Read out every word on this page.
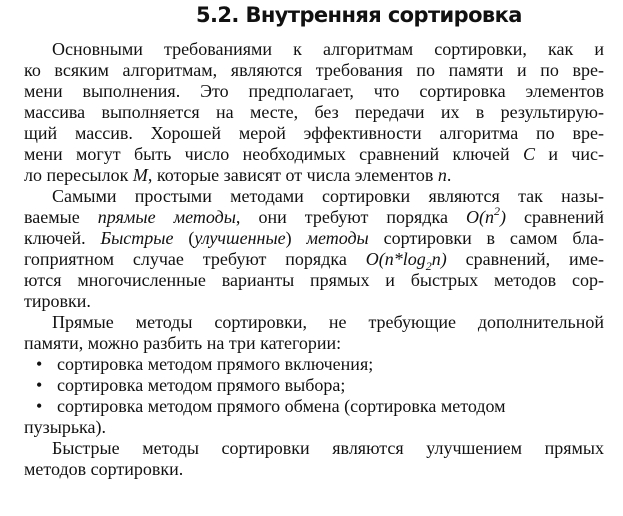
5.2. Внутренняя сортировка
Основными требованиями к алгоритмам сортировки, как и
ко всяким алгоритмам, являются требования по памяти и по вре-
мени выполнения. Это предполагает, что сортировка элементов
массива выполняется на месте, без передачи их в результирую-
щий массив. Хорошей мерой эффективности алгоритма по вре-
мени могут быть число необходимых сравнений ключей C и чис-
ло пересылок M, которые зависят от числа элементов n.
Самыми простыми методами сортировки являются так назы-
ваемые прямые методы, они требуют порядка $O(n^2)$ сравнений
ключей. Быстрые (улучшенные) методы сортировки в самом бла-
гоприятном случае требуют порядка $O(n*\log_2n)$ сравнений, име-
ются многочисленные варианты прямых и быстрых методов сор-
тировки.
Прямые методы сортировки, не требующие дополнительной
памяти, можно разбить на три категории:
• сортировка методом прямого включения;
• сортировка методом прямого выбора;
• сортировка методом прямого обмена (сортировка методом
пузырька).
Быстрые методы сортировки являются улучшением прямых
методов сортировки.
